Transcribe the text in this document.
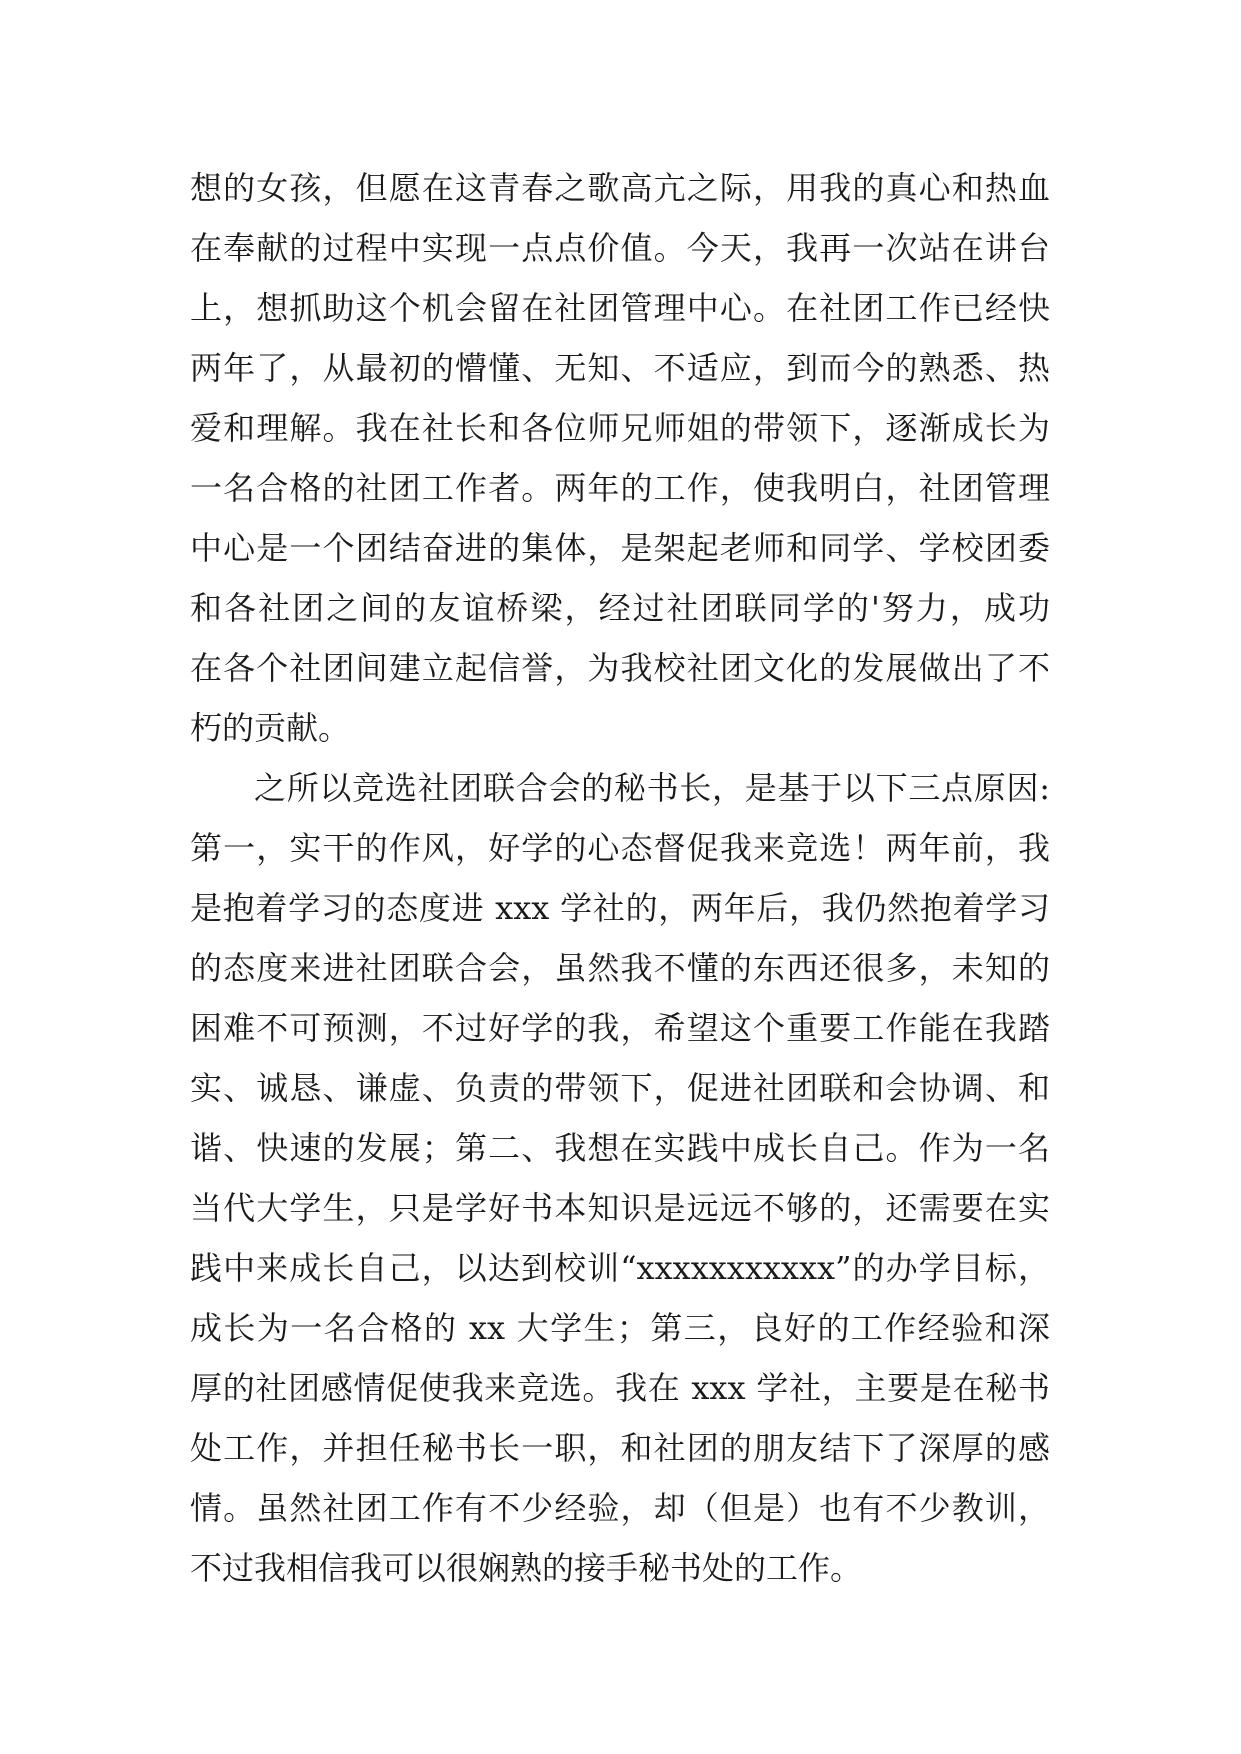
想的女孩，但愿在这青春之歌高亢之际，用我的真心和热血
在奉献的过程中实现一点点价值。今天，我再一次站在讲台
上，想抓助这个机会留在社团管理中心。在社团工作已经快
两年了，从最初的懵懂、无知、不适应，到而今的熟悉、热
爱和理解。我在社长和各位师兄师姐的带领下，逐渐成长为
一名合格的社团工作者。两年的工作，使我明白，社团管理
中心是一个团结奋进的集体，是架起老师和同学、学校团委
和各社团之间的友谊桥梁，经过社团联同学的'努力，成功
在各个社团间建立起信誉，为我校社团文化的发展做出了不
朽的贡献。
之所以竞选社团联合会的秘书长，是基于以下三点原因:
第一，实干的作风，好学的心态督促我来竞选！两年前，我
是抱着学习的态度进 xxx 学社的，两年后，我仍然抱着学习
的态度来进社团联合会，虽然我不懂的东西还很多，未知的
困难不可预测，不过好学的我，希望这个重要工作能在我踏
实、诚恳、谦虚、负责的带领下，促进社团联和会协调、和
谐、快速的发展；第二、我想在实践中成长自己。作为一名
当代大学生，只是学好书本知识是远远不够的，还需要在实
践中来成长自己，以达到校训“xxxxxxxxxxx”的办学目标，
成长为一名合格的 xx 大学生；第三，良好的工作经验和深
厚的社团感情促使我来竞选。我在 xxx 学社，主要是在秘书
处工作，并担任秘书长一职，和社团的朋友结下了深厚的感
情。虽然社团工作有不少经验，却（但是）也有不少教训，
不过我相信我可以很娴熟的接手秘书处的工作。
